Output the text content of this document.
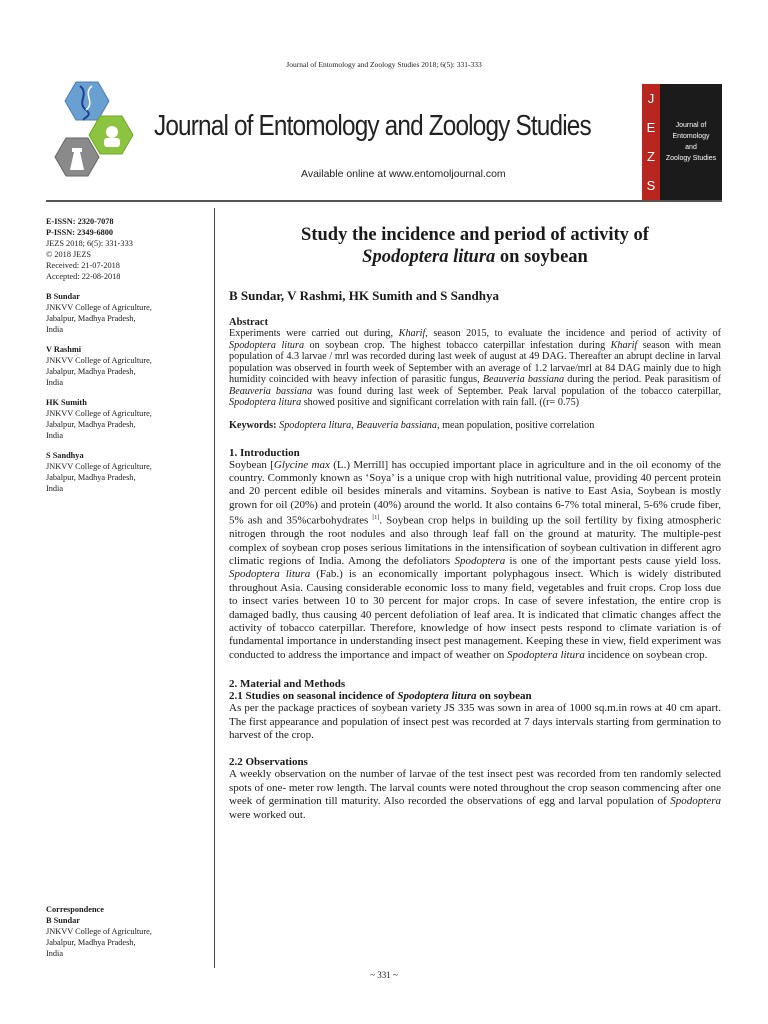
Journal of Entomology and Zoology Studies 2018; 6(5): 331-333
Journal of Entomology and Zoology Studies
Available online at www.entomoljournal.com
J
E
Z
S
Journal of
Entomology
and
Zoology Studies
E-ISSN: 2320-7078
P-ISSN: 2349-6800
JEZS 2018; 6(5): 331-333
© 2018 JEZS
Received: 21-07-2018
Accepted: 22-08-2018
B Sundar
JNKVV College of Agriculture,
Jabalpur, Madhya Pradesh,
India
V Rashmi
JNKVV College of Agriculture,
Jabalpur, Madhya Pradesh,
India
HK Sumith
JNKVV College of Agriculture,
Jabalpur, Madhya Pradesh,
India
S Sandhya
JNKVV College of Agriculture,
Jabalpur, Madhya Pradesh,
India
Correspondence
B Sundar
JNKVV College of Agriculture,
Jabalpur, Madhya Pradesh,
India
Study the incidence and period of activity of
Spodoptera litura on soybean
B Sundar, V Rashmi, HK Sumith and S Sandhya
Abstract
Experiments were carried out during, Kharif, season 2015, to evaluate the incidence and period of activity of Spodoptera litura on soybean crop. The highest tobacco caterpillar infestation during Kharif season with mean population of 4.3 larvae / mrl was recorded during last week of august at 49 DAG. Thereafter an abrupt decline in larval population was observed in fourth week of September with an average of 1.2 larvae/mrl at 84 DAG mainly due to high humidity coincided with heavy infection of parasitic fungus, Beauveria bassiana during the period. Peak parasitism of Beauveria bassiana was found during last week of September. Peak larval population of the tobacco caterpillar, Spodoptera litura showed positive and significant correlation with rain fall. ((r= 0.75)
Keywords: Spodoptera litura, Beauveria bassiana, mean population, positive correlation
1. Introduction
Soybean [Glycine max (L.) Merrill] has occupied important place in agriculture and in the oil economy of the country. Commonly known as ‘Soya’ is a unique crop with high nutritional value, providing 40 percent protein and 20 percent edible oil besides minerals and vitamins. Soybean is native to East Asia, Soybean is mostly grown for oil (20%) and protein (40%) around the world. It also contains 6-7% total mineral, 5-6% crude fiber, 5% ash and 35%carbohydrates [1]. Soybean crop helps in building up the soil fertility by fixing atmospheric nitrogen through the root nodules and also through leaf fall on the ground at maturity. The multiple-pest complex of soybean crop poses serious limitations in the intensification of soybean cultivation in different agro climatic regions of India. Among the defoliators Spodoptera is one of the important pests cause yield loss. Spodoptera litura (Fab.) is an economically important polyphagous insect. Which is widely distributed throughout Asia. Causing considerable economic loss to many field, vegetables and fruit crops. Crop loss due to insect varies between 10 to 30 percent for major crops. In case of severe infestation, the entire crop is damaged badly, thus causing 40 percent defoliation of leaf area. It is indicated that climatic changes affect the activity of tobacco caterpillar. Therefore, knowledge of how insect pests respond to climate variation is of fundamental importance in understanding insect pest management. Keeping these in view, field experiment was conducted to address the importance and impact of weather on Spodoptera litura incidence on soybean crop.
2. Material and Methods
2.1 Studies on seasonal incidence of Spodoptera litura on soybean
As per the package practices of soybean variety JS 335 was sown in area of 1000 sq.m.in rows at 40 cm apart. The first appearance and population of insect pest was recorded at 7 days intervals starting from germination to harvest of the crop.
2.2 Observations
A weekly observation on the number of larvae of the test insect pest was recorded from ten randomly selected spots of one- meter row length. The larval counts were noted throughout the crop season commencing after one week of germination till maturity. Also recorded the observations of egg and larval population of Spodoptera were worked out.
~ 331 ~
